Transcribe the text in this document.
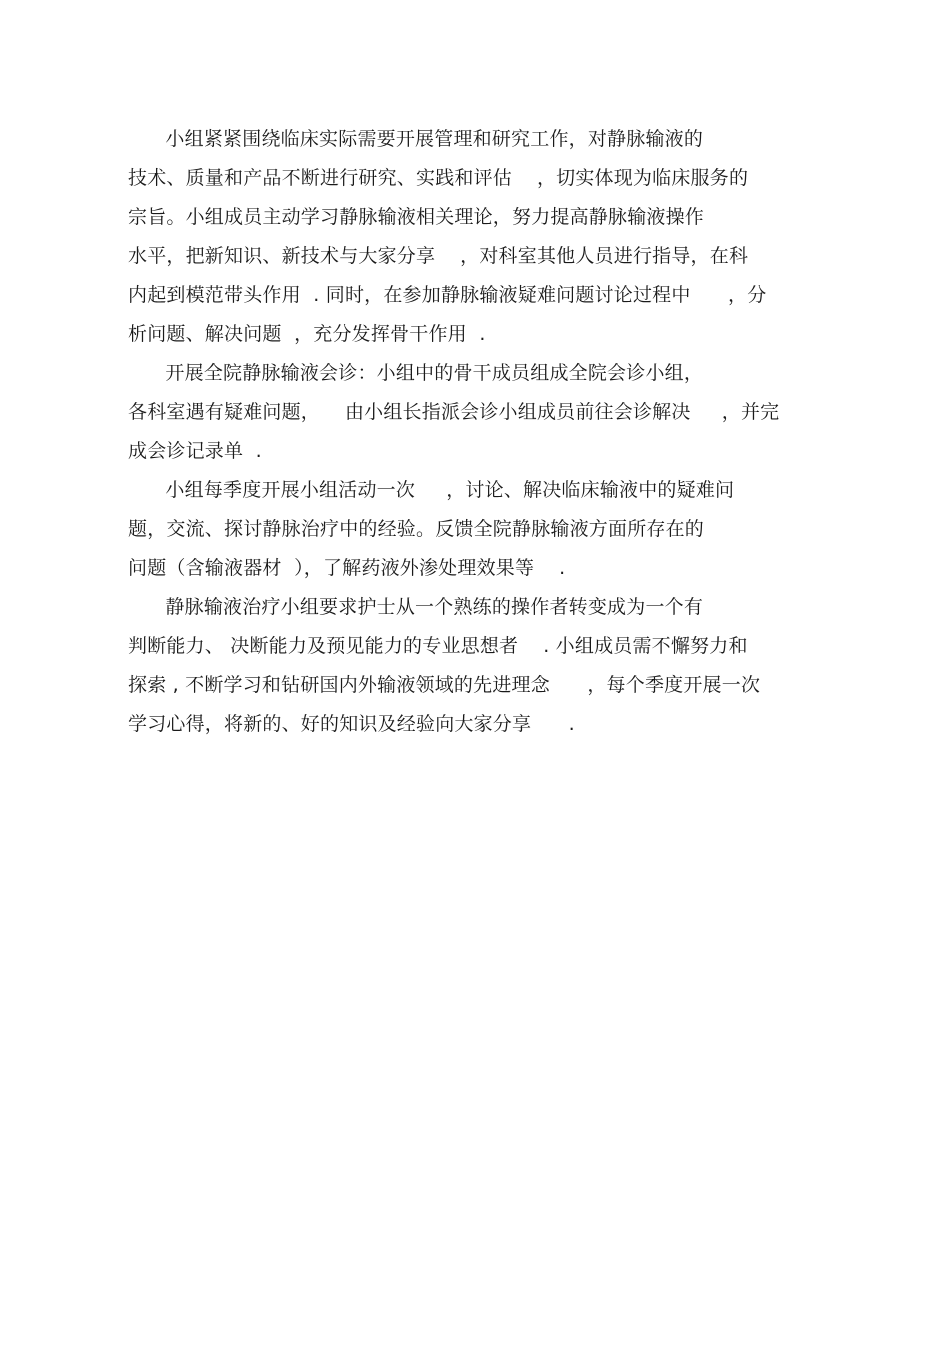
小组紧紧围绕临床实际需要开展管理和研究工作，对静脉输液的
技术、质量和产品不断进行研究、实践和评估    ，切实体现为临床服务的
宗旨。小组成员主动学习静脉输液相关理论，努力提高静脉输液操作
水平，把新知识、新技术与大家分享    ，对科室其他人员进行指导，在科
内起到模范带头作用  . 同时，在参加静脉输液疑难问题讨论过程中      ，分
析问题、解决问题  ，充分发挥骨干作用  .
开展全院静脉输液会诊：小组中的骨干成员组成全院会诊小组，
各科室遇有疑难问题，    由小组长指派会诊小组成员前往会诊解决     ，并完
成会诊记录单  .
小组每季度开展小组活动一次     ，讨论、解决临床输液中的疑难问
题，交流、探讨静脉治疗中的经验。反馈全院静脉输液方面所存在的
问题（含输液器材  ），了解药液外渗处理效果等    .
静脉输液治疗小组要求护士从一个熟练的操作者转变成为一个有
判断能力、 决断能力及预见能力的专业思想者    . 小组成员需不懈努力和
探索 , 不断学习和钻研国内外输液领域的先进理念      ，每个季度开展一次
学习心得，将新的、好的知识及经验向大家分享      .
